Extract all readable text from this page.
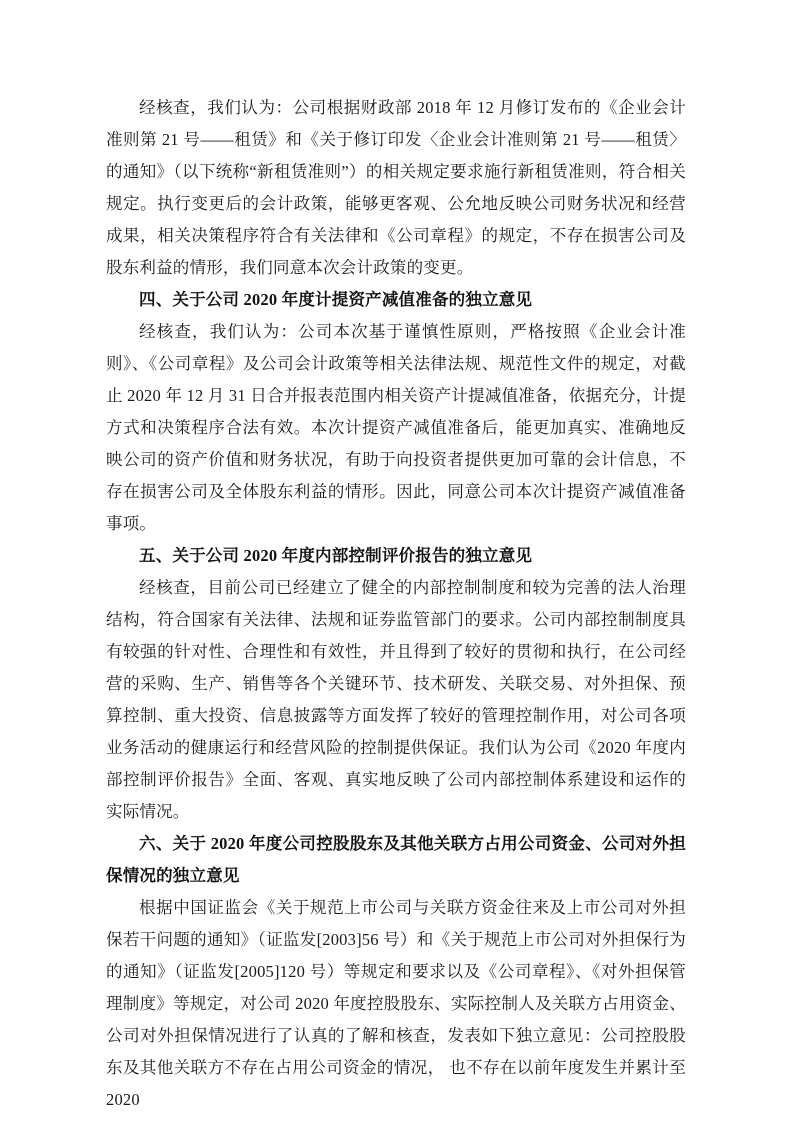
经核查，我们认为：公司根据财政部 2018 年 12 月修订发布的《企业会计准则第 21 号——租赁》和《关于修订印发〈企业会计准则第 21 号——租赁〉的通知》（以下统称“新租赁准则”）的相关规定要求施行新租赁准则，符合相关规定。执行变更后的会计政策，能够更客观、公允地反映公司财务状况和经营成果，相关决策程序符合有关法律和《公司章程》的规定，不存在损害公司及股东利益的情形，我们同意本次会计政策的变更。

四、关于公司 2020 年度计提资产减值准备的独立意见

经核查，我们认为：公司本次基于谨慎性原则，严格按照《企业会计准则》、《公司章程》及公司会计政策等相关法律法规、规范性文件的规定，对截止 2020 年 12 月 31 日合并报表范围内相关资产计提减值准备，依据充分，计提方式和决策程序合法有效。本次计提资产减值准备后，能更加真实、准确地反映公司的资产价值和财务状况，有助于向投资者提供更加可靠的会计信息，不存在损害公司及全体股东利益的情形。因此，同意公司本次计提资产减值准备事项。

五、关于公司 2020 年度内部控制评价报告的独立意见

经核查，目前公司已经建立了健全的内部控制制度和较为完善的法人治理结构，符合国家有关法律、法规和证券监管部门的要求。公司内部控制制度具有较强的针对性、合理性和有效性，并且得到了较好的贯彻和执行，在公司经营的采购、生产、销售等各个关键环节、技术研发、关联交易、对外担保、预算控制、重大投资、信息披露等方面发挥了较好的管理控制作用，对公司各项业务活动的健康运行和经营风险的控制提供保证。我们认为公司《2020 年度内部控制评价报告》全面、客观、真实地反映了公司内部控制体系建设和运作的实际情况。

六、关于 2020 年度公司控股股东及其他关联方占用公司资金、公司对外担保情况的独立意见

根据中国证监会《关于规范上市公司与关联方资金往来及上市公司对外担保若干问题的通知》（证监发[2003]56 号）和《关于规范上市公司对外担保行为的通知》（证监发[2005]120 号）等规定和要求以及《公司章程》、《对外担保管理制度》等规定，对公司 2020 年度控股股东、实际控制人及关联方占用资金、 公司对外担保情况进行了认真的了解和核查，发表如下独立意见：公司控股股东及其他关联方不存在占用公司资金的情况， 也不存在以前年度发生并累计至 2020
